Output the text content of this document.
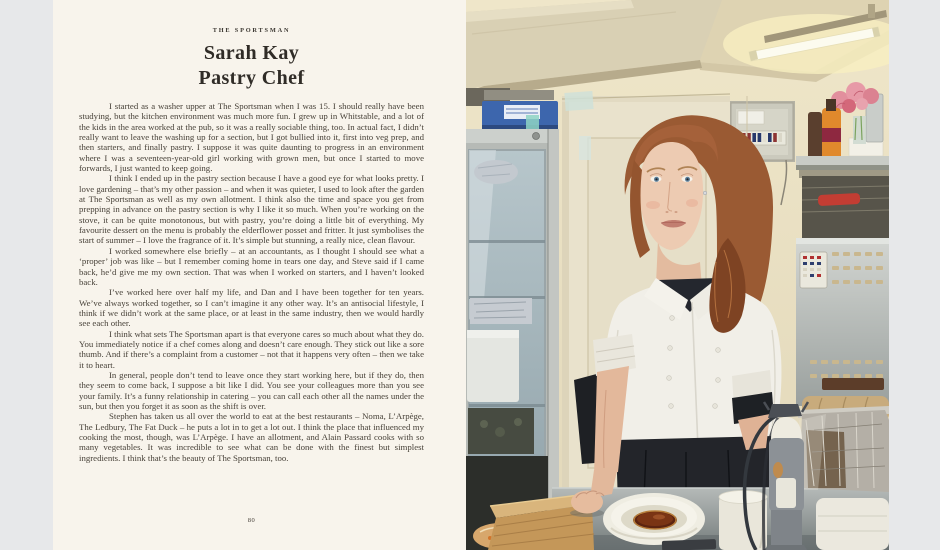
THE SPORTSMAN
Sarah Kay
Pastry Chef

I started as a washer upper at The Sportsman when I was 15. I should really have been studying, but the kitchen environment was much more fun. I grew up in Whitstable, and a lot of the kids in the area worked at the pub, so it was a really sociable thing, too. In actual fact, I didn’t really want to leave the washing up for a section, but I got bullied into it, first into veg prep, and then starters, and finally pastry. I suppose it was quite daunting to progress in an environment where I was a seventeen-year-old girl working with grown men, but once I started to move forwards, I just wanted to keep going.

I think I ended up in the pastry section because I have a good eye for what looks pretty. I love gardening – that’s my other passion – and when it was quieter, I used to look after the garden at The Sportsman as well as my own allotment. I think also the time and space you get from prepping in advance on the pastry section is why I like it so much. When you’re working on the stove, it can be quite monotonous, but with pastry, you’re doing a little bit of everything. My favourite dessert on the menu is probably the elderflower posset and fritter. It just symbolises the start of summer – I love the fragrance of it. It’s simple but stunning, a really nice, clean flavour.

I worked somewhere else briefly – at an accountants, as I thought I should see what a ‘proper’ job was like – but I remember coming home in tears one day, and Steve said if I came back, he’d give me my own section. That was when I worked on starters, and I haven’t looked back.

I’ve worked here over half my life, and Dan and I have been together for ten years. We’ve always worked together, so I can’t imagine it any other way. It’s an antisocial lifestyle, I think if we didn’t work at the same place, or at least in the same industry, then we would hardly see each other.

I think what sets The Sportsman apart is that everyone cares so much about what they do. You immediately notice if a chef comes along and doesn’t care enough. They stick out like a sore thumb. And if there’s a complaint from a customer – not that it happens very often – then we take it to heart.

In general, people don’t tend to leave once they start working here, but if they do, then they seem to come back, I suppose a bit like I did. You see your colleagues more than you see your family. It’s a funny relationship in catering – you can call each other all the names under the sun, but then you forget it as soon as the shift is over.

Stephen has taken us all over the world to eat at the best restaurants – Noma, L’Arpège, The Ledbury, The Fat Duck – he puts a lot in to get a lot out. I think the place that influenced my cooking the most, though, was L’Arpège. I have an allotment, and Alain Passard cooks with so many vegetables. It was incredible to see what can be done with the finest but simplest ingredients. I think that’s the beauty of The Sportsman, too.

80
